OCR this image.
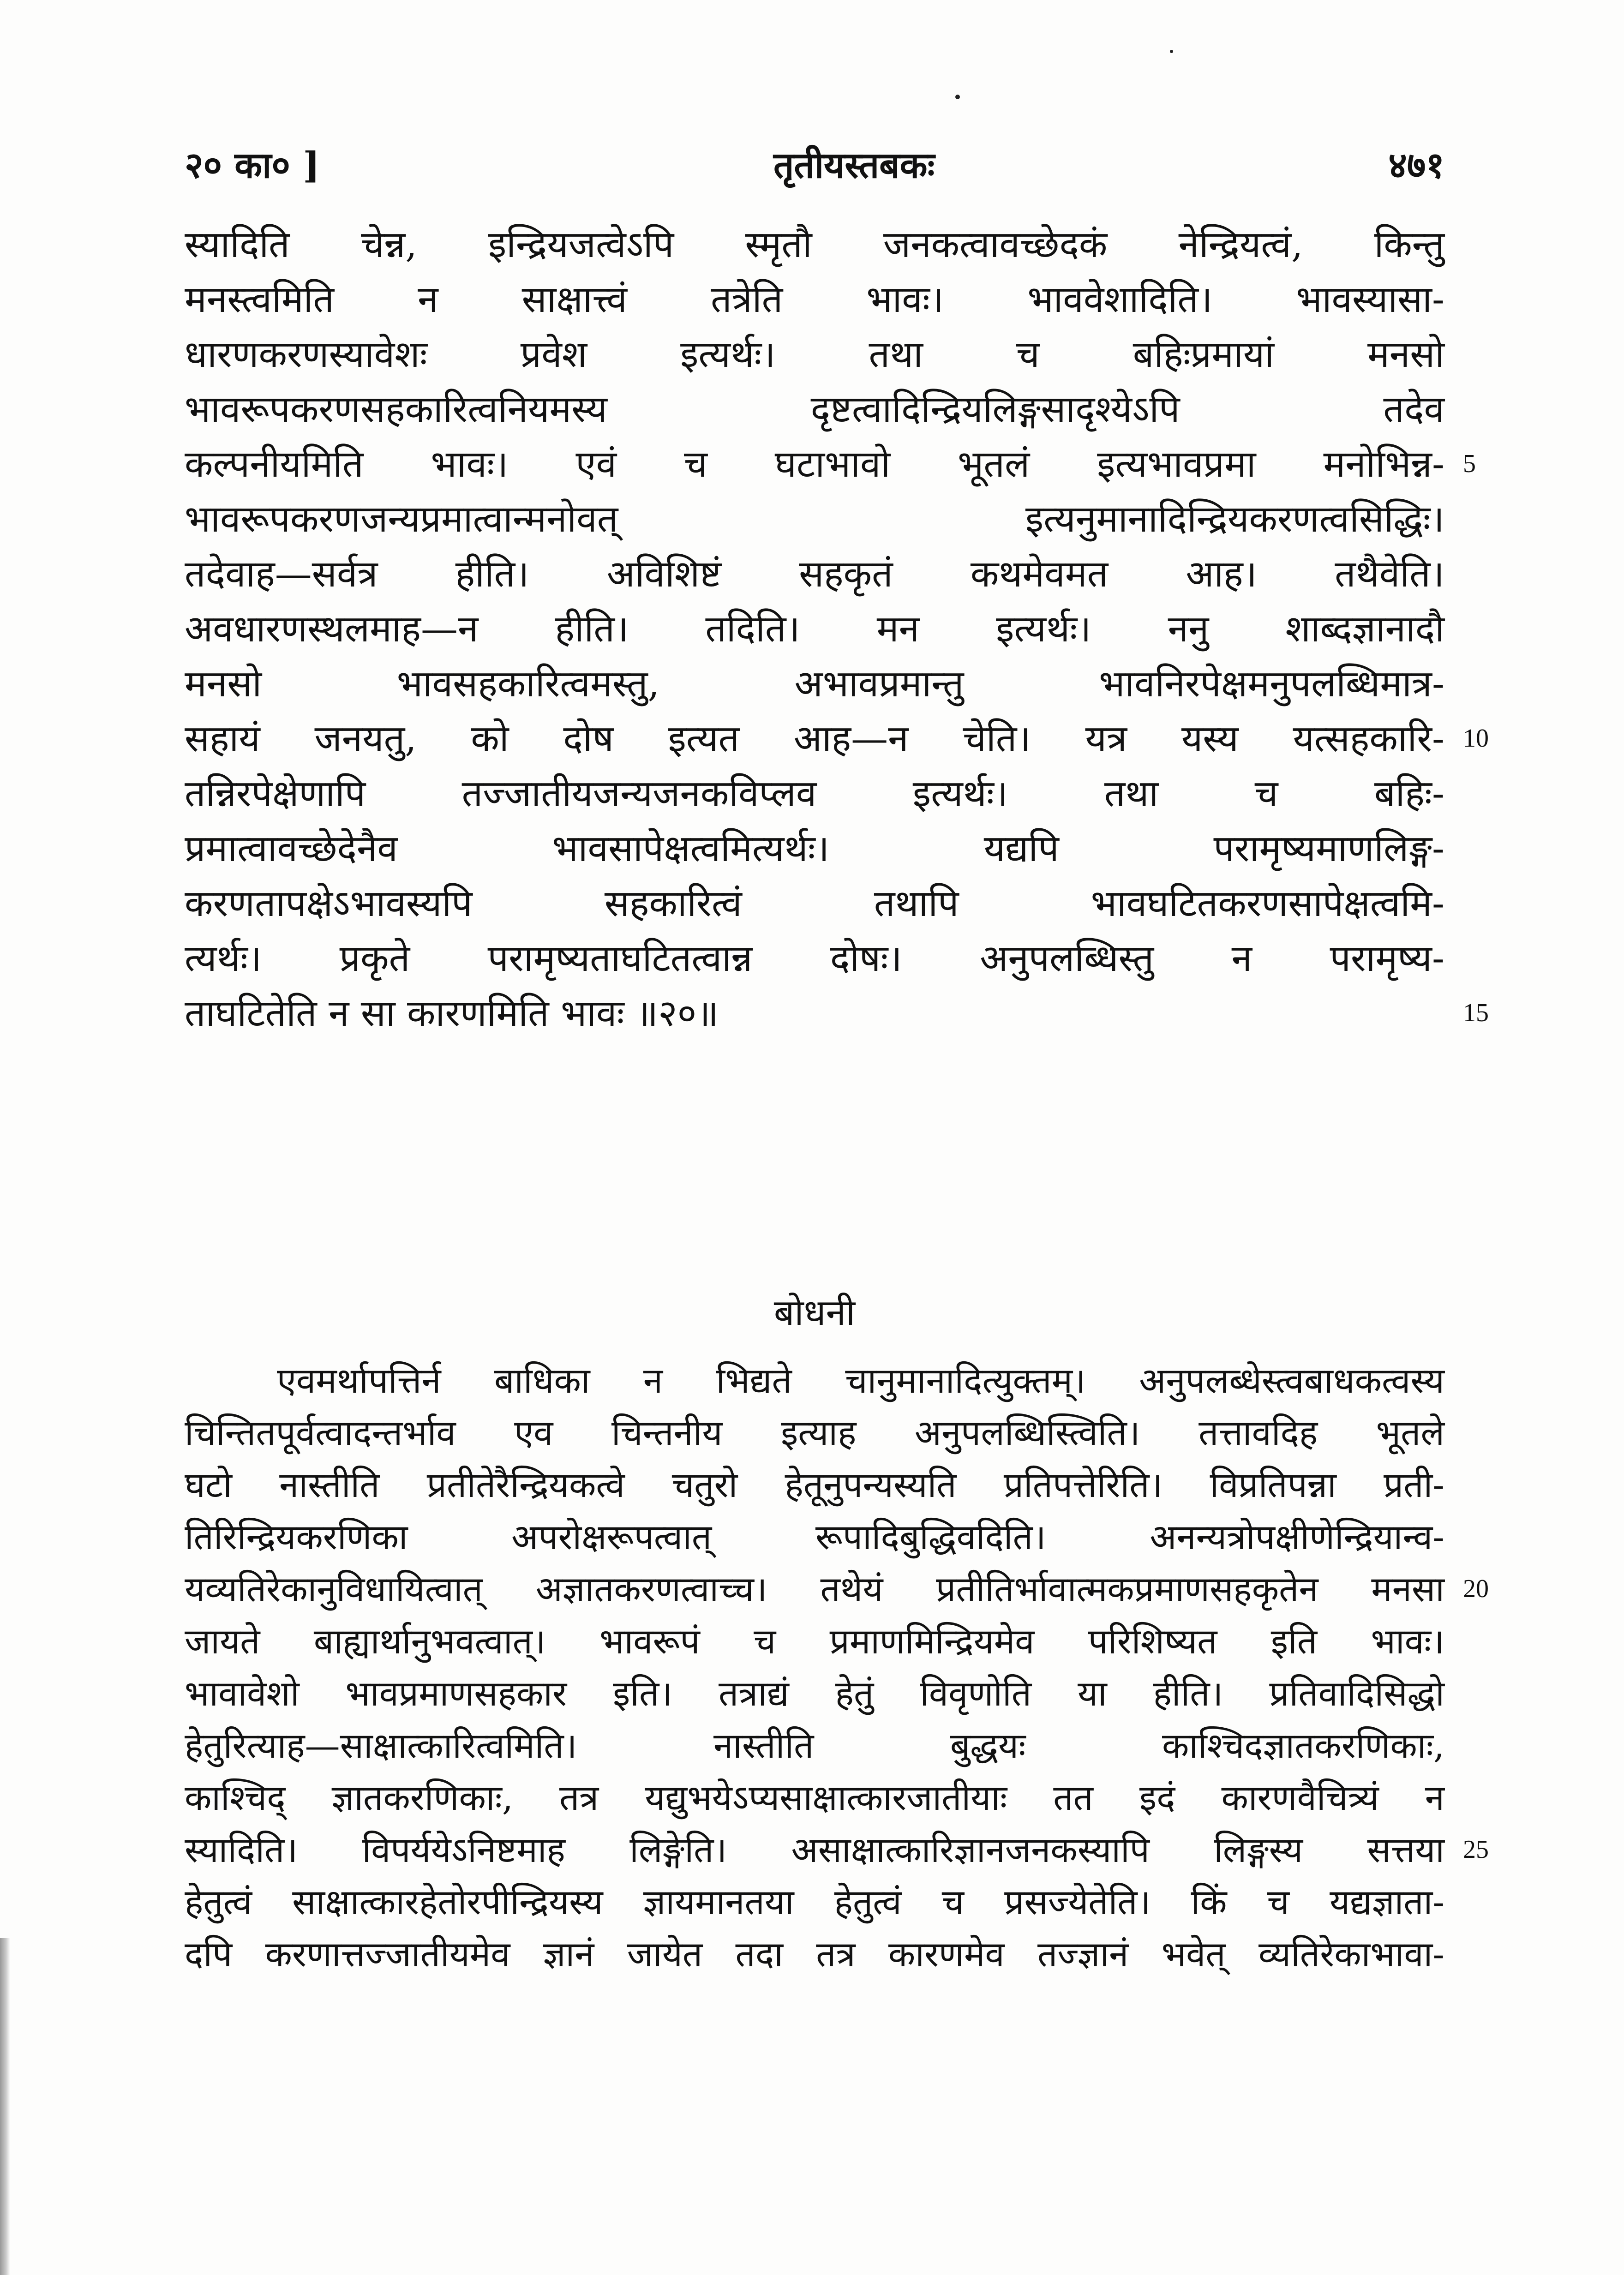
२० का० ]	तृतीयस्तबकः	४७१
स्यादिति चेन्न, इन्द्रियजत्वेऽपि स्मृतौ जनकत्वावच्छेदकं नेन्द्रियत्वं, किन्तु
मनस्त्वमिति न साक्षात्त्वं तत्रेति भावः। भाववेशादिति। भावस्यासा-
धारणकरणस्यावेशः प्रवेश इत्यर्थः। तथा च बहिःप्रमायां मनसो
भावरूपकरणसहकारित्वनियमस्य दृष्टत्वादिन्द्रियलिङ्गसादृश्येऽपि तदेव
कल्पनीयमिति भावः। एवं च घटाभावो भूतलं इत्यभावप्रमा मनोभिन्न- 5
भावरूपकरणजन्यप्रमात्वान्मनोवत् इत्यनुमानादिन्द्रियकरणत्वसिद्धिः।
तदेवाह—सर्वत्र हीति। अविशिष्टं सहकृतं कथमेवमत आह। तथैवेति।
अवधारणस्थलमाह—न हीति। तदिति। मन इत्यर्थः। ननु शाब्दज्ञानादौ
मनसो भावसहकारित्वमस्तु, अभावप्रमान्तु भावनिरपेक्षमनुपलब्धिमात्र-
सहायं जनयतु, को दोष इत्यत आह—न चेति। यत्र यस्य यत्सहकारि- 10
तन्निरपेक्षेणापि तज्जातीयजन्यजनकविप्लव इत्यर्थः। तथा च बहिः-
प्रमात्वावच्छेदेनैव भावसापेक्षत्वमित्यर्थः। यद्यपि परामृष्यमाणलिङ्ग-
करणतापक्षेऽभावस्यपि सहकारित्वं तथापि भावघटितकरणसापेक्षत्वमि-
त्यर्थः। प्रकृते परामृष्यताघटितत्वान्न दोषः। अनुपलब्धिस्तु न परामृष्य-
ताघटितेति न सा कारणमिति भावः ॥२०॥	15
बोधनी
एवमर्थापत्तिर्न बाधिका न भिद्यते चानुमानादित्युक्तम्। अनुपलब्धेस्त्वबाधकत्वस्य
चिन्तितपूर्वत्वादन्तर्भाव एव चिन्तनीय इत्याह अनुपलब्धिस्त्विति। तत्तावदिह भूतले
घटो नास्तीति प्रतीतेरैन्द्रियकत्वे चतुरो हेतूनुपन्यस्यति प्रतिपत्तेरिति। विप्रतिपन्ना प्रती-
तिरिन्द्रियकरणिका अपरोक्षरूपत्वात् रूपादिबुद्धिवदिति। अनन्यत्रोपक्षीणेन्द्रियान्व-
यव्यतिरेकानुविधायित्वात् अज्ञातकरणत्वाच्च। तथेयं प्रतीतिर्भावात्मकप्रमाणसहकृतेन मनसा 20
जायते बाह्यार्थानुभवत्वात्। भावरूपं च प्रमाणमिन्द्रियमेव परिशिष्यत इति भावः।
भावावेशो भावप्रमाणसहकार इति। तत्राद्यं हेतुं विवृणोति या हीति। प्रतिवादिसिद्धो
हेतुरित्याह—साक्षात्कारित्वमिति। नास्तीति बुद्धयः काश्चिदज्ञातकरणिकाः,
काश्चिद् ज्ञातकरणिकाः, तत्र यद्युभयेऽप्यसाक्षात्कारजातीयाः तत इदं कारणवैचित्र्यं न
स्यादिति। विपर्ययेऽनिष्टमाह लिङ्गेति। असाक्षात्कारिज्ञानजनकस्यापि लिङ्गस्य सत्तया 25
हेतुत्वं साक्षात्कारहेतोरपीन्द्रियस्य ज्ञायमानतया हेतुत्वं च प्रसज्येतेति। किं च यद्यज्ञाता-
दपि करणात्तज्जातीयमेव ज्ञानं जायेत तदा तत्र कारणमेव तज्ज्ञानं भवेत् व्यतिरेकाभावा-
